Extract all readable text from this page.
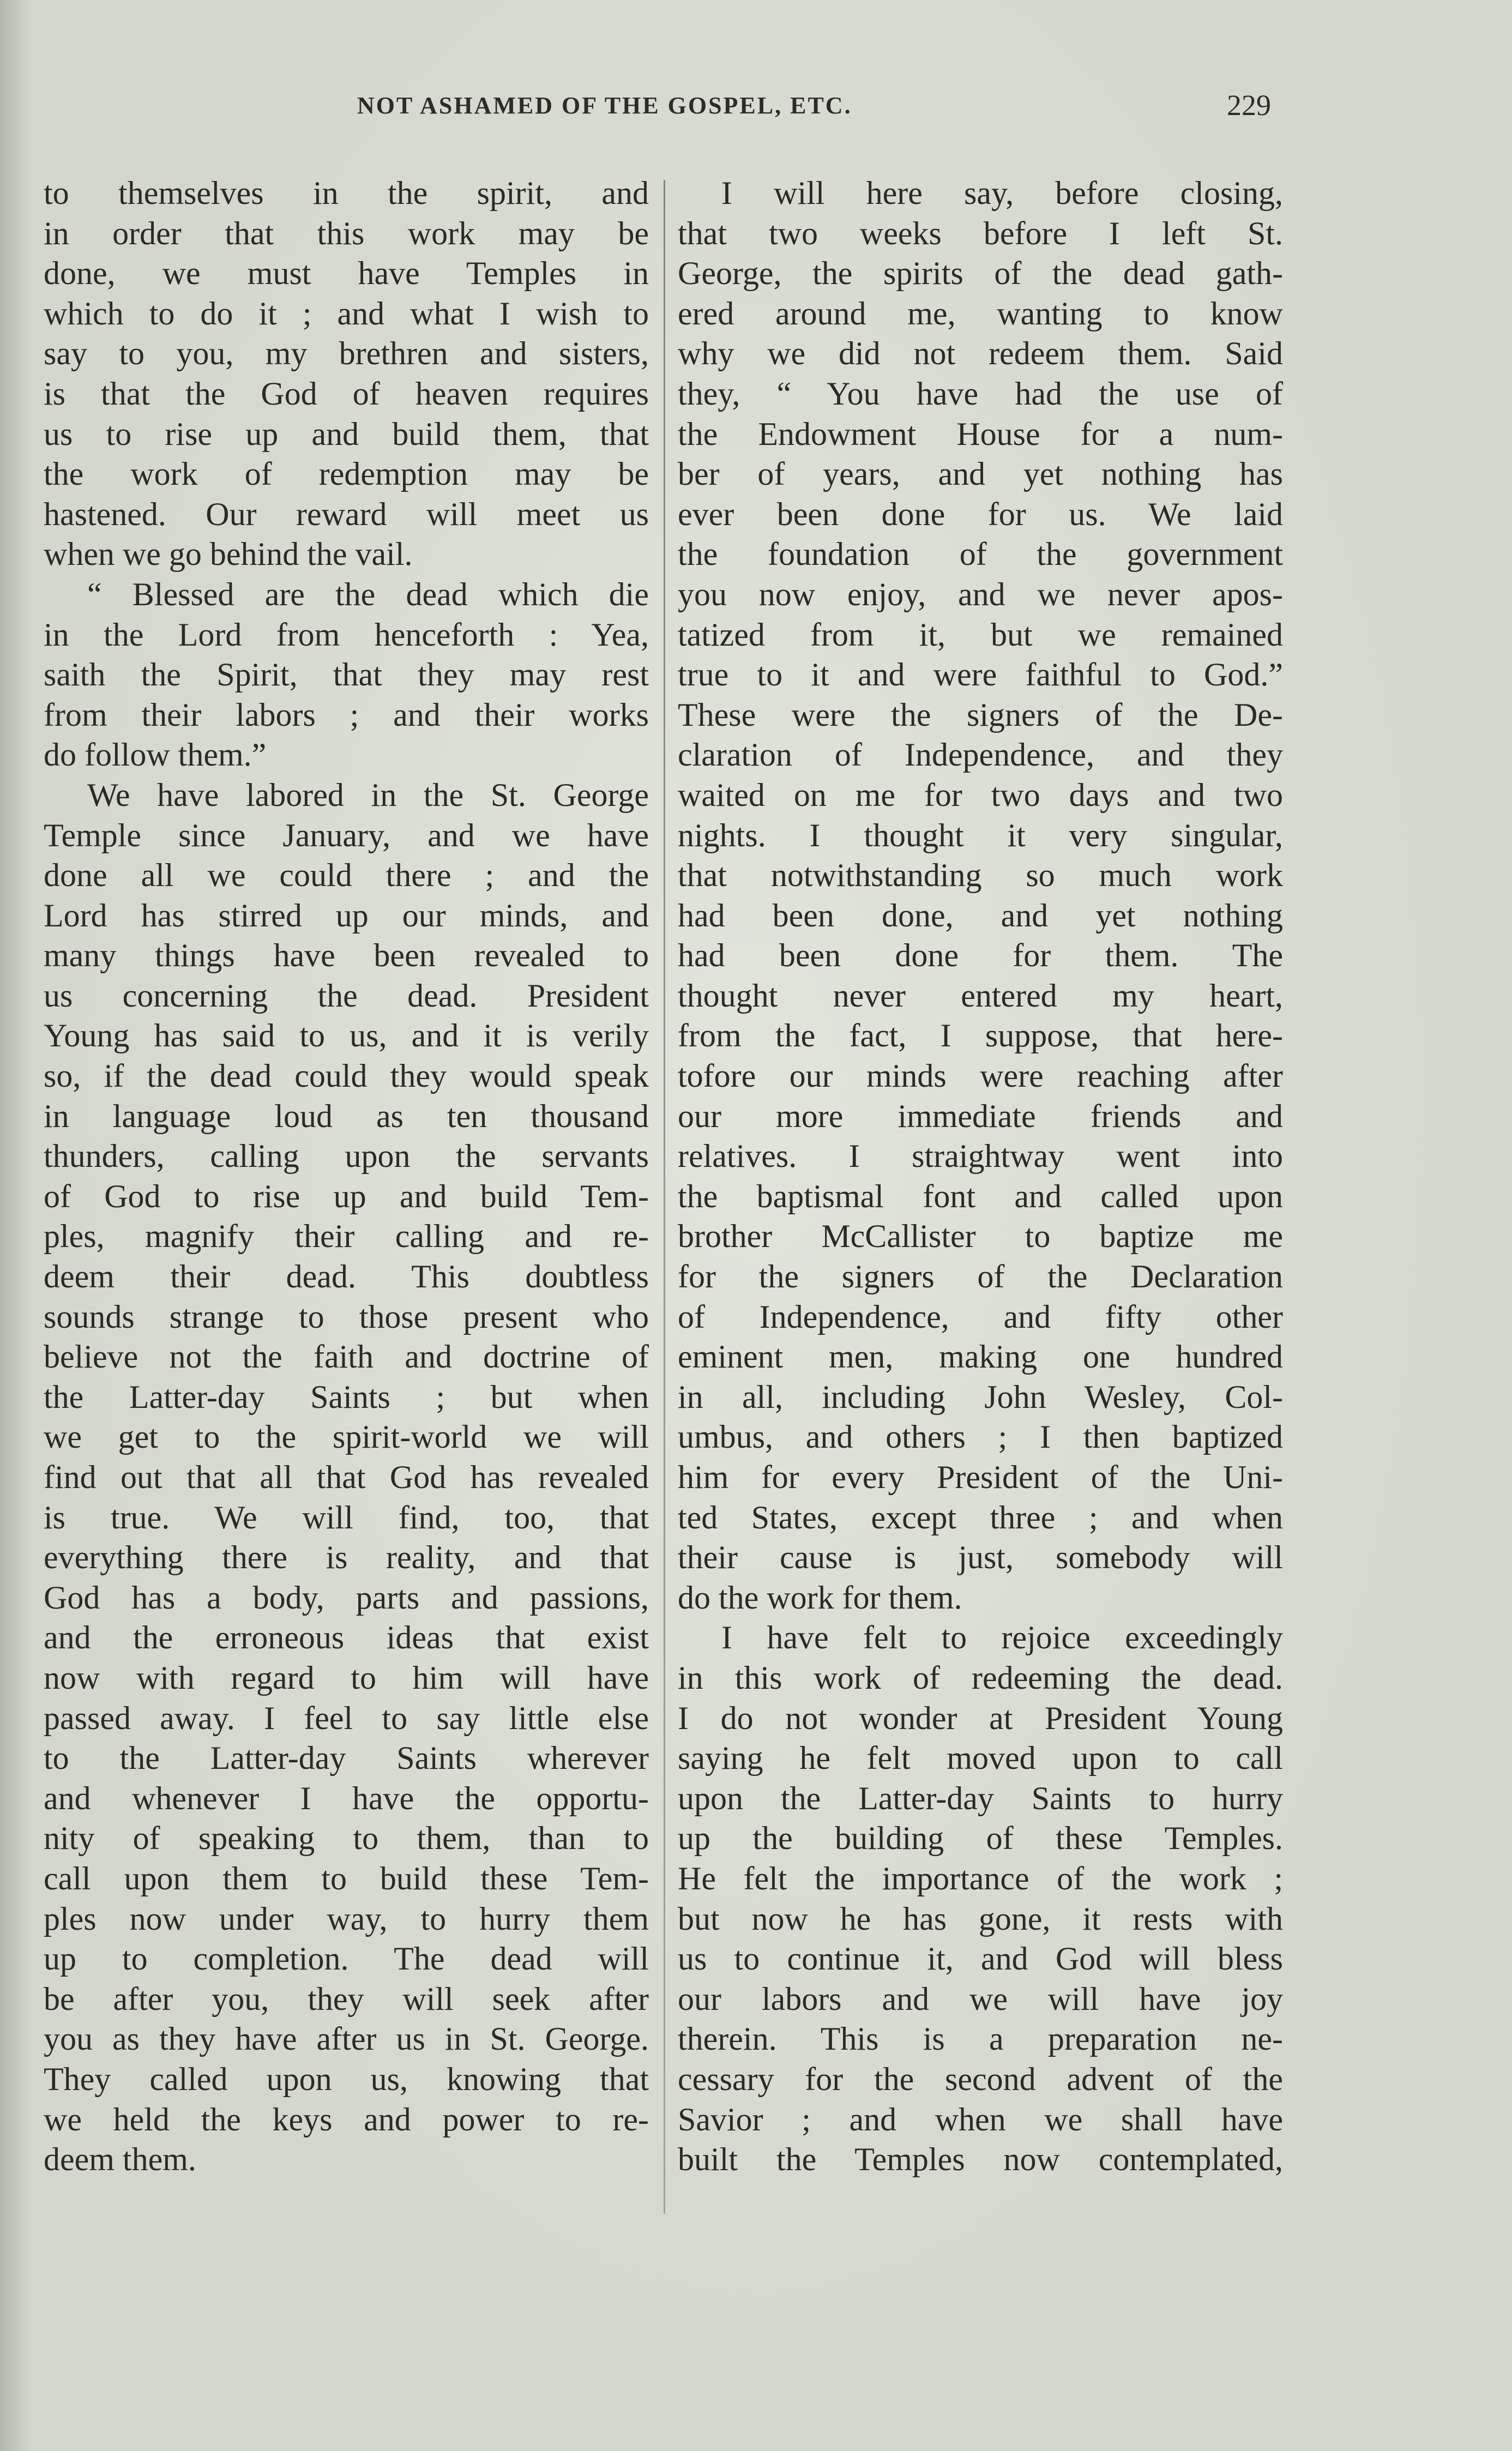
NOT ASHAMED OF THE GOSPEL, ETC.	229
to themselves in the spirit, and
in order that this work may be
done, we must have Temples in
which to do it ; and what I wish to
say to you, my brethren and sisters,
is that the God of heaven requires
us to rise up and build them, that
the work of redemption may be
hastened. Our reward will meet us
when we go behind the vail.
“ Blessed are the dead which die
in the Lord from henceforth : Yea,
saith the Spirit, that they may rest
from their labors ; and their works
do follow them.”
We have labored in the St. George
Temple since January, and we have
done all we could there ; and the
Lord has stirred up our minds, and
many things have been revealed to
us concerning the dead. President
Young has said to us, and it is verily
so, if the dead could they would speak
in language loud as ten thousand
thunders, calling upon the servants
of God to rise up and build Tem-
ples, magnify their calling and re-
deem their dead. This doubtless
sounds strange to those present who
believe not the faith and doctrine of
the Latter-day Saints ; but when
we get to the spirit-world we will
find out that all that God has revealed
is true. We will find, too, that
everything there is reality, and that
God has a body, parts and passions,
and the erroneous ideas that exist
now with regard to him will have
passed away. I feel to say little else
to the Latter-day Saints wherever
and whenever I have the opportu-
nity of speaking to them, than to
call upon them to build these Tem-
ples now under way, to hurry them
up to completion. The dead will
be after you, they will seek after
you as they have after us in St. George.
They called upon us, knowing that
we held the keys and power to re-
deem them.
I will here say, before closing,
that two weeks before I left St.
George, the spirits of the dead gath-
ered around me, wanting to know
why we did not redeem them. Said
they, “ You have had the use of
the Endowment House for a num-
ber of years, and yet nothing has
ever been done for us. We laid
the foundation of the government
you now enjoy, and we never apos-
tatized from it, but we remained
true to it and were faithful to God.”
These were the signers of the De-
claration of Independence, and they
waited on me for two days and two
nights. I thought it very singular,
that notwithstanding so much work
had been done, and yet nothing
had been done for them. The
thought never entered my heart,
from the fact, I suppose, that here-
tofore our minds were reaching after
our more immediate friends and
relatives. I straightway went into
the baptismal font and called upon
brother McCallister to baptize me
for the signers of the Declaration
of Independence, and fifty other
eminent men, making one hundred
in all, including John Wesley, Col-
umbus, and others ; I then baptized
him for every President of the Uni-
ted States, except three ; and when
their cause is just, somebody will
do the work for them.
I have felt to rejoice exceedingly
in this work of redeeming the dead.
I do not wonder at President Young
saying he felt moved upon to call
upon the Latter-day Saints to hurry
up the building of these Temples.
He felt the importance of the work ;
but now he has gone, it rests with
us to continue it, and God will bless
our labors and we will have joy
therein. This is a preparation ne-
cessary for the second advent of the
Savior ; and when we shall have
built the Temples now contemplated,
